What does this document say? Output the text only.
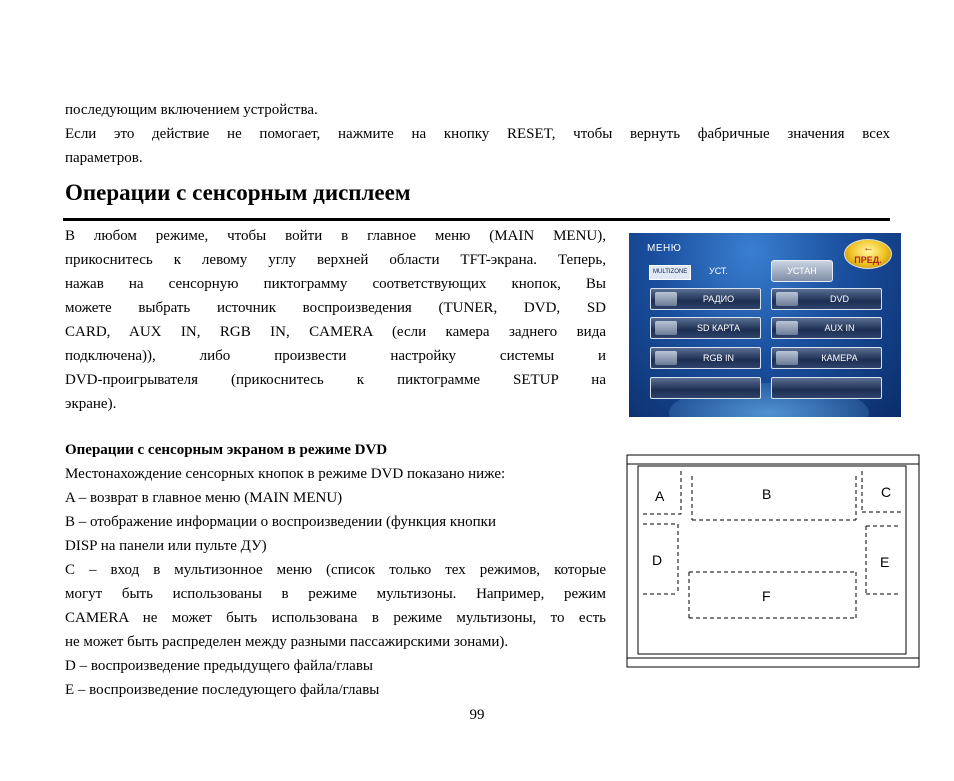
последующим включением устройства.

Если это действие не помогает, нажмите на кнопку RESET, чтобы вернуть фабричные значения всех

параметров.

Операции с сенсорным дисплеем

В любом режиме, чтобы войти в главное меню (MAIN MENU),

прикоснитесь к левому углу верхней области TFT-экрана. Теперь,

нажав на сенсорную пиктограмму соответствующих кнопок, Вы

можете выбрать источник воспроизведения (TUNER, DVD, SD

CARD, AUX IN, RGB IN, CAMERA (если камера заднего вида

подключена)), либо произвести настройку системы и

DVD-проигрывателя (прикоснитесь к пиктограмме SETUP на

экране).

МЕНЮ	←
ПРЕД.
MULTIZONE	УСТ.	УСТАН
РАДИО	DVD
SD КАРТА	AUX IN
RGB IN	КАМЕРА
Операции с сенсорным экраном в режиме DVD

Местонахождение сенсорных кнопок в режиме DVD показано ниже:

A – возврат в главное меню (MAIN MENU)

B – отображение информации о воспроизведении (функция кнопки

DISP на панели или пульте ДУ)

C – вход в мультизонное меню (список только тех режимов, которые

могут быть использованы в режиме мультизоны. Например, режим

CAMERA не может быть использована в режиме мультизоны, то есть

не может быть распределен между разными пассажирскими зонами).

D – воспроизведение предыдущего файла/главы

E – воспроизведение последующего файла/главы

A	B	C
D	E
F
99
